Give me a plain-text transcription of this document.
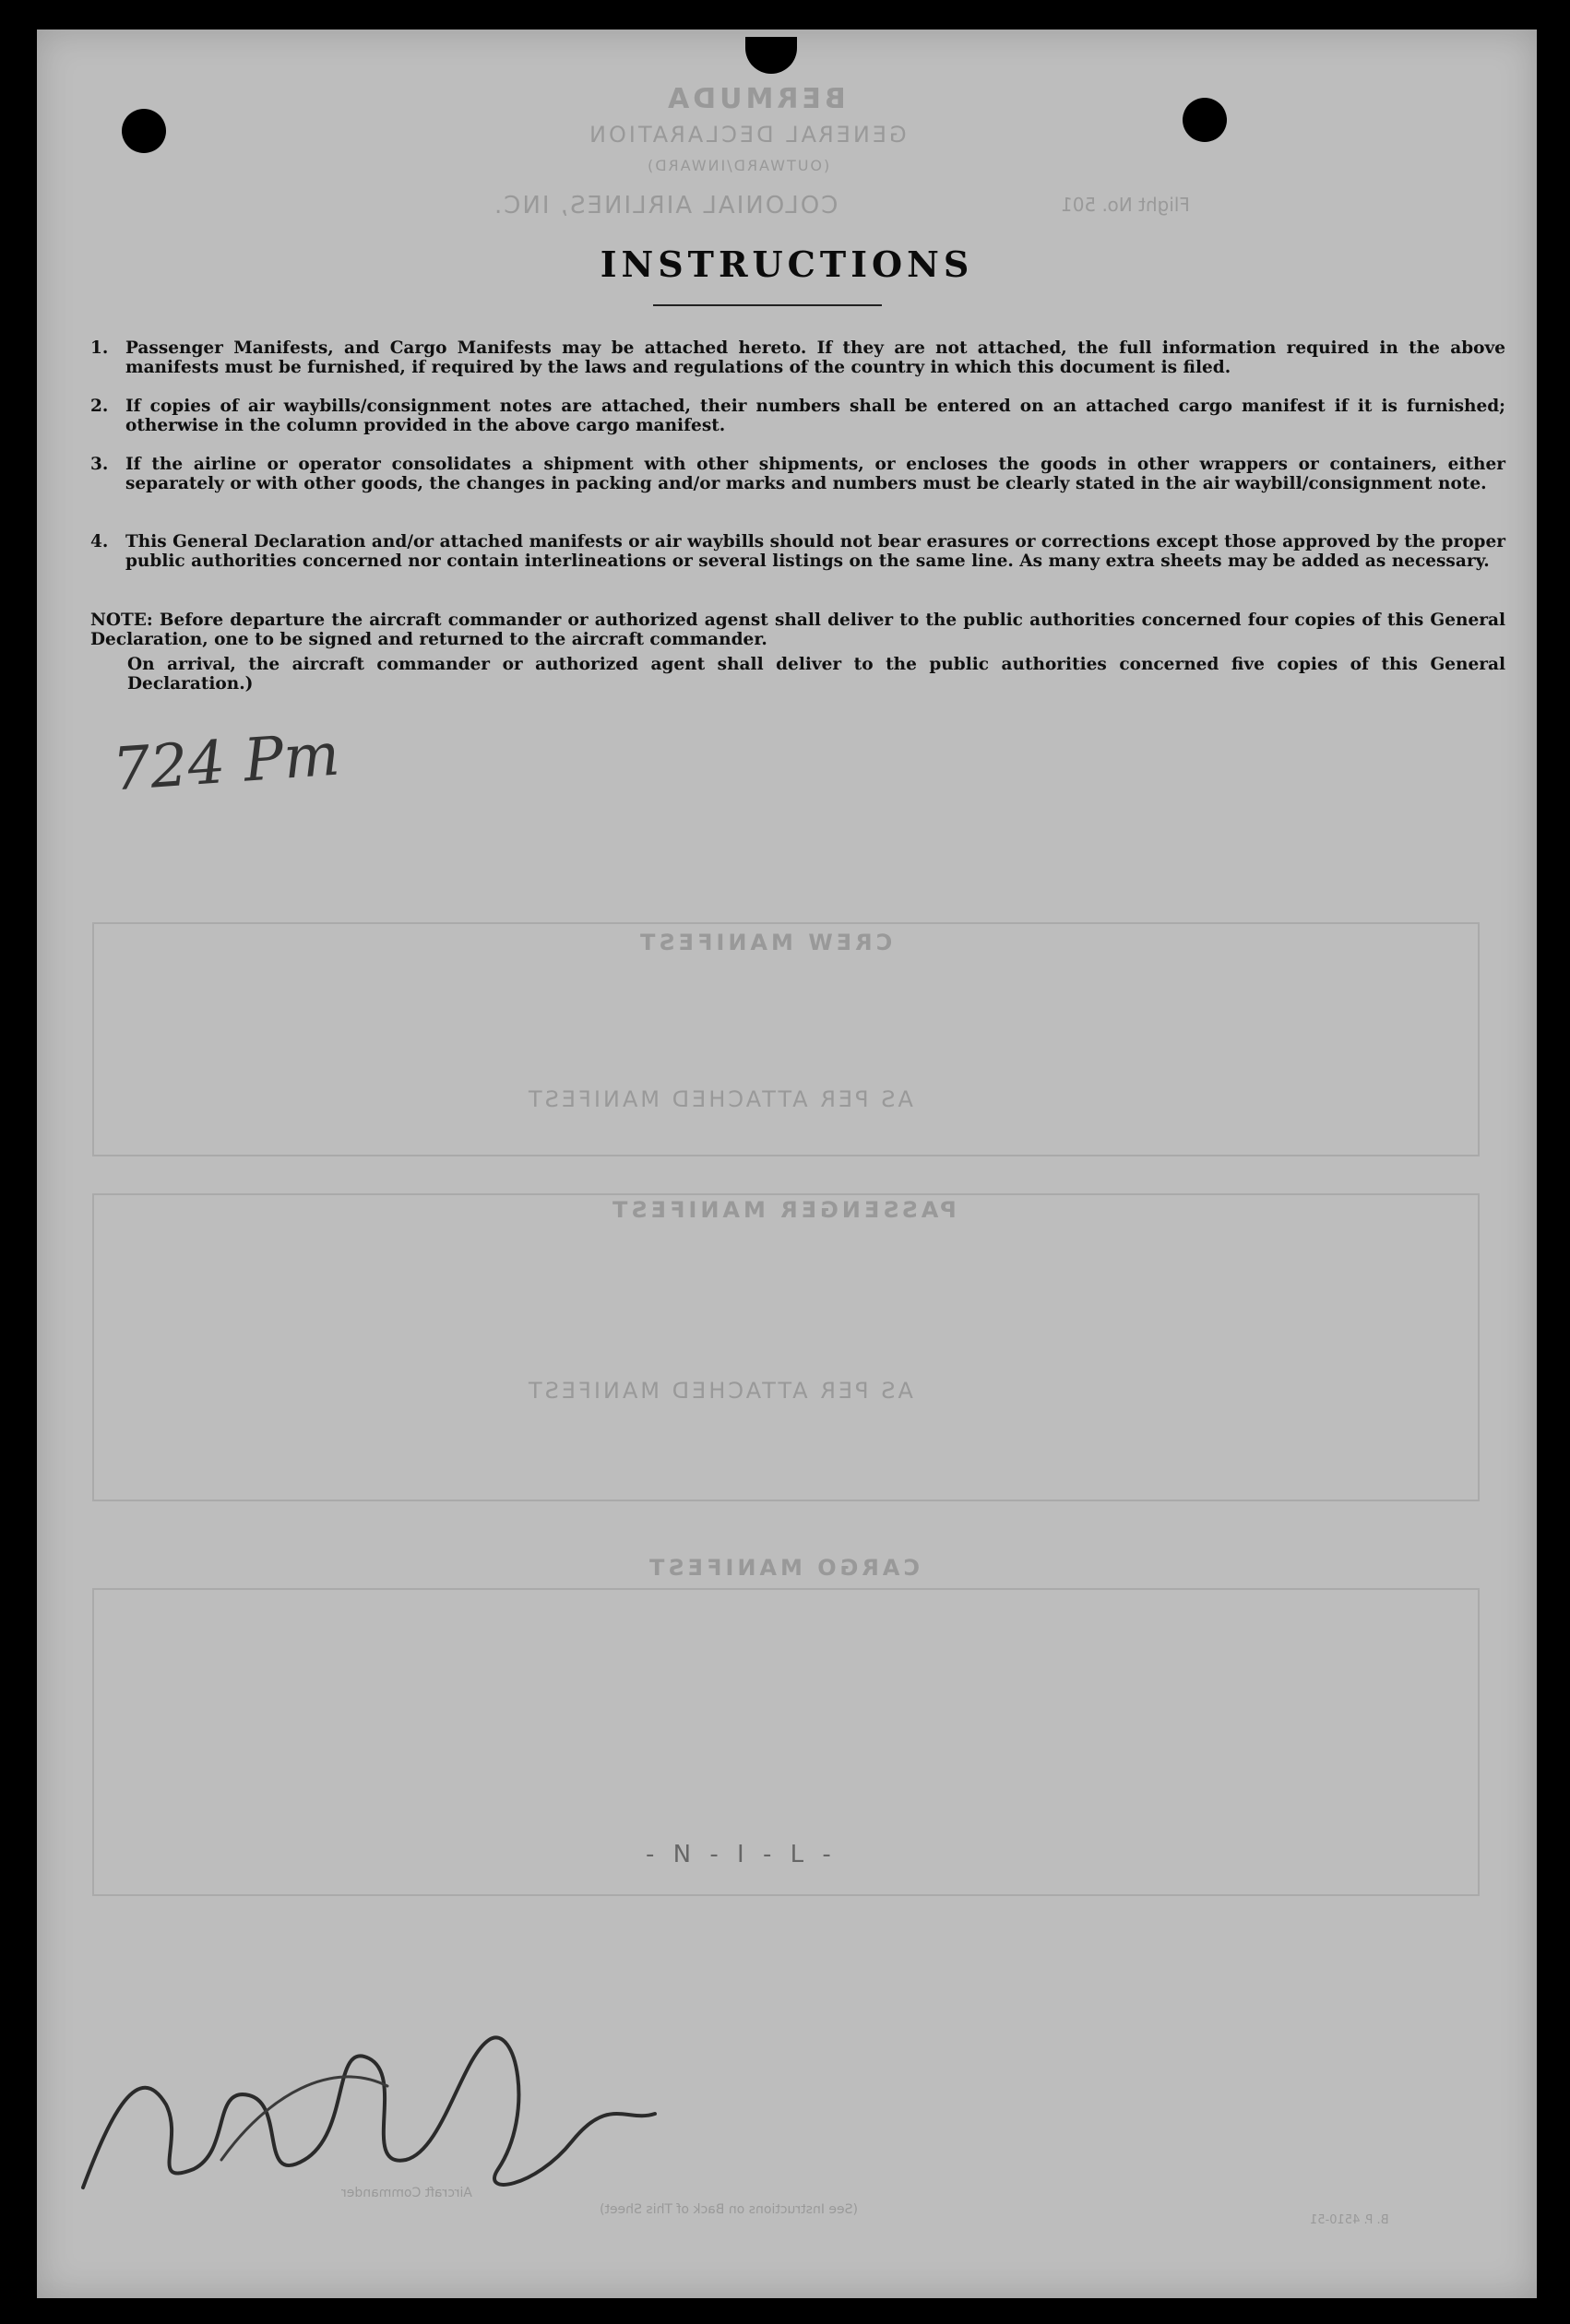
BERMUDA
GENERAL DECLARATION
(OUTWARD/INWARD)
COLONIAL AIRLINES, INC.	Flight No. 501
CREW MANIFEST
AS PER ATTACHED MANIFEST
PASSENGER MANIFEST
AS PER ATTACHED MANIFEST
CARGO MANIFEST
- N - I - L -
Aircraft Commander
(See Instructions on Back of This Sheet)
B. P. 4510-51
INSTRUCTIONS
1. Passenger Manifests, and Cargo Manifests may be attached hereto. If they are not attached, the full information required in the above manifests must be furnished, if required by the laws and regulations of the country in which this document is filed.
2. If copies of air waybills/consignment notes are attached, their numbers shall be entered on an attached cargo manifest if it is furnished; otherwise in the column provided in the above cargo manifest.
3. If the airline or operator consolidates a shipment with other shipments, or encloses the goods in other wrappers or containers, either separately or with other goods, the changes in packing and/or marks and numbers must be clearly stated in the air waybill/consignment note.
4. This General Declaration and/or attached manifests or air waybills should not bear erasures or corrections except those approved by the proper public authorities concerned nor contain interlineations or several listings on the same line. As many extra sheets may be added as necessary.

NOTE: Before departure the aircraft commander or authorized agenst shall deliver to the public authorities concerned four copies of this General Declaration, one to be signed and returned to the aircraft commander.

On arrival, the aircraft commander or authorized agent shall deliver to the public authorities concerned five copies of this General Declaration.)

724 Pm
